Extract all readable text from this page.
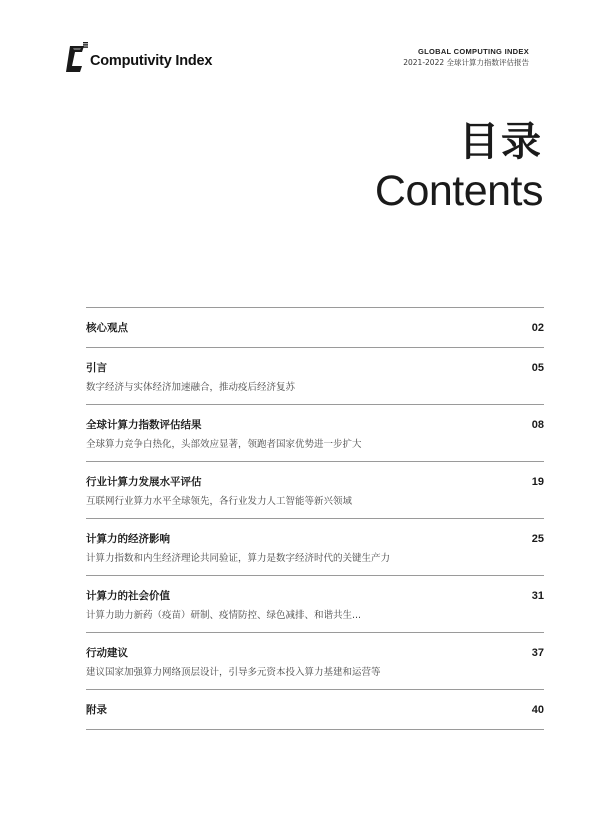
Computivity Index
GLOBAL COMPUTING INDEX
2021-2022 全球计算力指数评估报告
目录
Contents
核心观点	02
引言
数字经济与实体经济加速融合，推动疫后经济复苏
05
全球计算力指数评估结果
全球算力竞争白热化，头部效应显著，领跑者国家优势进一步扩大
08
行业计算力发展水平评估
互联网行业算力水平全球领先，各行业发力人工智能等新兴领域
19
计算力的经济影响
计算力指数和内生经济理论共同验证，算力是数字经济时代的关键生产力
25
计算力的社会价值
计算力助力新药（疫苗）研制、疫情防控、绿色减排、和谐共生...
31
行动建议
建议国家加强算力网络顶层设计，引导多元资本投入算力基建和运营等
37
附录	40
